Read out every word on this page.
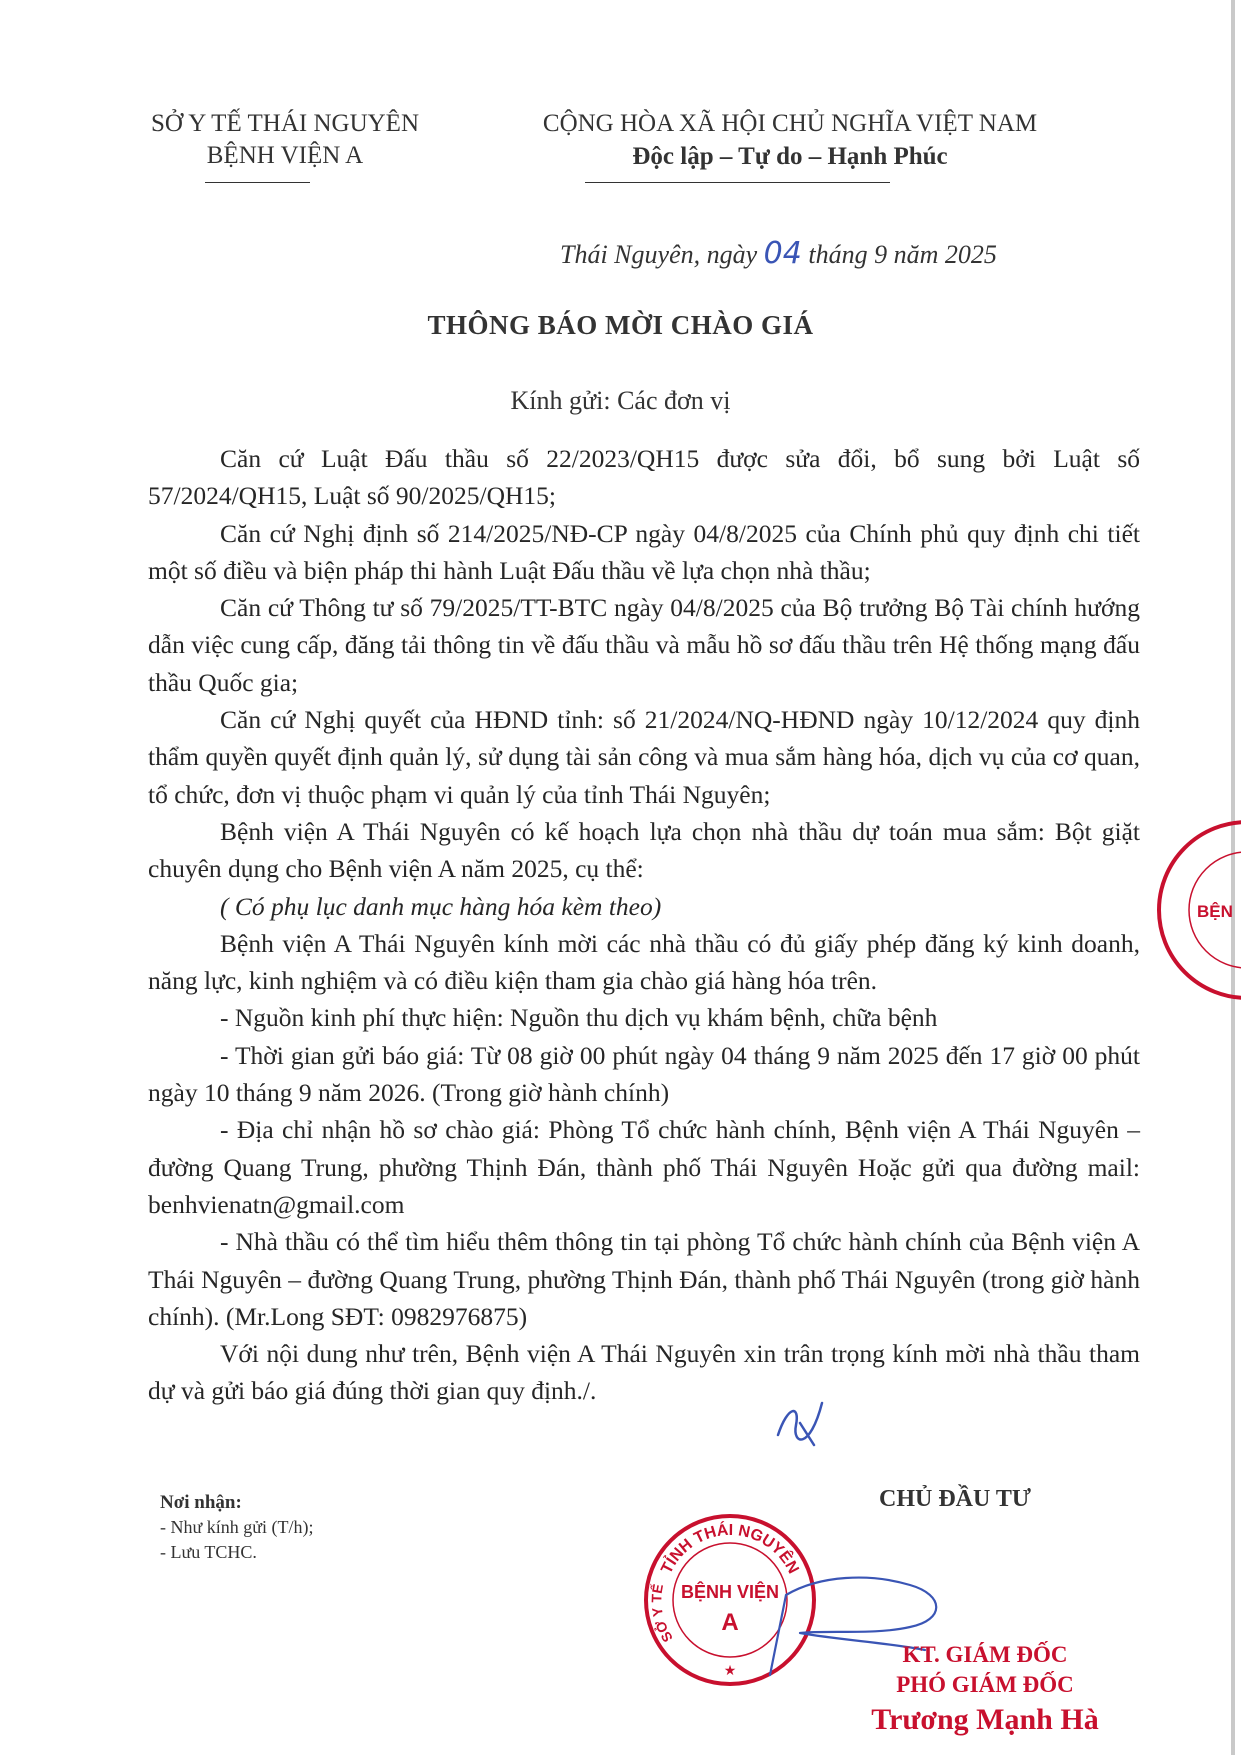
SỞ Y TẾ THÁI NGUYÊN
BỆNH VIỆN A
CỘNG HÒA XÃ HỘI CHỦ NGHĨA VIỆT NAM
Độc lập – Tự do – Hạnh Phúc
Thái Nguyên, ngày 04 tháng 9 năm 2025
THÔNG BÁO MỜI CHÀO GIÁ
Kính gửi: Các đơn vị

Căn cứ Luật Đấu thầu số 22/2023/QH15 được sửa đổi, bổ sung bởi Luật số 57/2024/QH15, Luật số 90/2025/QH15;

Căn cứ Nghị định số 214/2025/NĐ-CP ngày 04/8/2025 của Chính phủ quy định chi tiết một số điều và biện pháp thi hành Luật Đấu thầu về lựa chọn nhà thầu;

Căn cứ Thông tư số 79/2025/TT-BTC ngày 04/8/2025 của Bộ trưởng Bộ Tài chính hướng dẫn việc cung cấp, đăng tải thông tin về đấu thầu và mẫu hồ sơ đấu thầu trên Hệ thống mạng đấu thầu Quốc gia;

Căn cứ Nghị quyết của HĐND tỉnh: số 21/2024/NQ-HĐND ngày 10/12/2024 quy định thẩm quyền quyết định quản lý, sử dụng tài sản công và mua sắm hàng hóa, dịch vụ của cơ quan, tổ chức, đơn vị thuộc phạm vi quản lý của tỉnh Thái Nguyên;

Bệnh viện A Thái Nguyên có kế hoạch lựa chọn nhà thầu dự toán mua sắm: Bột giặt chuyên dụng cho Bệnh viện A năm 2025, cụ thể:

( Có phụ lục danh mục hàng hóa kèm theo)

Bệnh viện A Thái Nguyên kính mời các nhà thầu có đủ giấy phép đăng ký kinh doanh, năng lực, kinh nghiệm và có điều kiện tham gia chào giá hàng hóa trên.

- Nguồn kinh phí thực hiện: Nguồn thu dịch vụ khám bệnh, chữa bệnh

- Thời gian gửi báo giá: Từ 08 giờ 00 phút ngày 04 tháng 9 năm 2025 đến 17 giờ 00 phút ngày 10 tháng 9 năm 2026. (Trong giờ hành chính)

- Địa chỉ nhận hồ sơ chào giá: Phòng Tổ chức hành chính, Bệnh viện A Thái Nguyên – đường Quang Trung, phường Thịnh Đán, thành phố Thái Nguyên Hoặc gửi qua đường mail: benhvienatn@gmail.com

- Nhà thầu có thể tìm hiểu thêm thông tin tại phòng Tổ chức hành chính của Bệnh viện A Thái Nguyên – đường Quang Trung, phường Thịnh Đán, thành phố Thái Nguyên (trong giờ hành chính). (Mr.Long SĐT: 0982976875)

Với nội dung như trên, Bệnh viện A Thái Nguyên xin trân trọng kính mời nhà thầu tham dự và gửi báo giá đúng thời gian quy định./.

Nơi nhận:
- Như kính gửi (T/h);
- Lưu TCHC.
CHỦ ĐẦU TƯ
TỈNH THÁI NGUYÊN
SỞ Y TẾ BỆNH VIỆN
A
★
BỆN
KT. GIÁM ĐỐC
PHÓ GIÁM ĐỐC
Trương Mạnh Hà
